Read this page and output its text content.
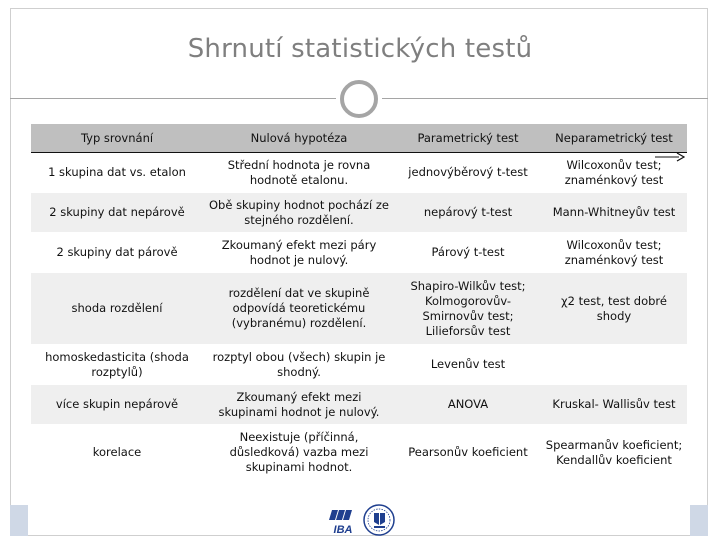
Shrnutí statistických testů
Typ srovnání	Nulová hypotéza	Parametrický test	Neparametrický test
1 skupina dat vs. etalon	Střední hodnota je rovna hodnotě etalonu.	jednovýběrový t-test	Wilcoxonův test; znaménkový test
2 skupiny dat nepárově	Obě skupiny hodnot pochází ze stejného rozdělení.	nepárový t-test	Mann-Whitneyův test
2 skupiny dat párově	Zkoumaný efekt mezi páry hodnot je nulový.	Párový t-test	Wilcoxonův test; znaménkový test
shoda rozdělení	rozdělení dat ve skupině odpovídá teoretickému (vybranému) rozdělení.	Shapiro-Wilkův test; Kolmogorovův-Smirnovův test; Lilieforsův test	χ2 test, test dobré shody
homoskedasticita (shoda rozptylů)	rozptyl obou (všech) skupin je shodný.	Levenův test	
více skupin nepárově	Zkoumaný efekt mezi skupinami hodnot je nulový.	ANOVA	Kruskal- Wallisův test
korelace	Neexistuje (příčinná, důsledková) vazba mezi skupinami hodnot.	Pearsonův koeficient	Spearmanův koeficient; Kendallův koeficient
IBA
